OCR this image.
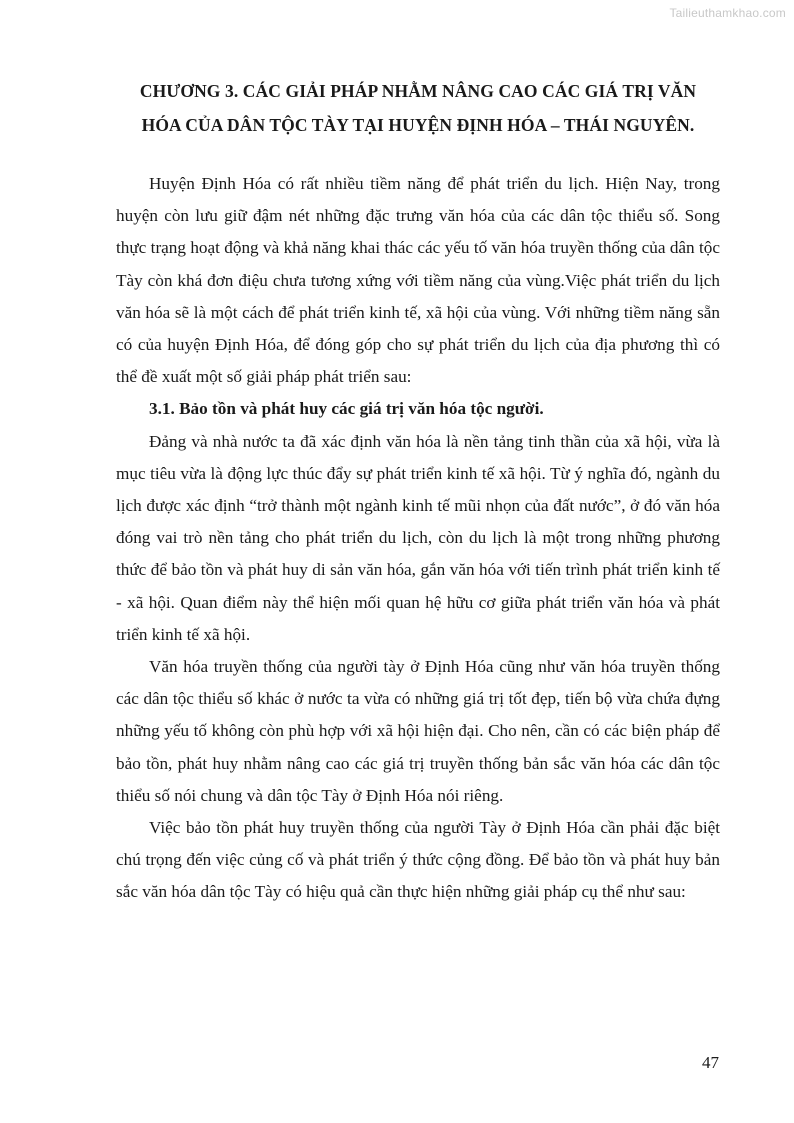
Tailieuthamkhao.com
CHƯƠNG 3. CÁC GIẢI PHÁP NHẰM NÂNG CAO CÁC GIÁ TRỊ VĂN
HÓA CỦA DÂN TỘC TÀY TẠI HUYỆN ĐỊNH HÓA – THÁI NGUYÊN.

Huyện Định Hóa có rất nhiều tiềm năng để phát triển du lịch. Hiện Nay, trong huyện còn lưu giữ đậm nét những đặc trưng văn hóa của các dân tộc thiểu số. Song thực trạng hoạt động và khả năng khai thác các yếu tố văn hóa truyền thống của dân tộc Tày còn khá đơn điệu chưa tương xứng với tiềm năng của vùng.Việc phát triển du lịch văn hóa sẽ là một cách để phát triển kinh tế, xã hội của vùng. Với những tiềm năng sẵn có của huyện Định Hóa, để đóng góp cho sự phát triển du lịch của địa phương thì có thể đề xuất một số giải pháp phát triển sau:

3.1. Bảo tồn và phát huy các giá trị văn hóa tộc người.

Đảng và nhà nước ta đã xác định văn hóa là nền tảng tinh thần của xã hội, vừa là mục tiêu vừa là động lực thúc đẩy sự phát triển kinh tế xã hội. Từ ý nghĩa đó, ngành du lịch được xác định “trở thành một ngành kinh tế mũi nhọn của đất nước”, ở đó văn hóa đóng vai trò nền tảng cho phát triển du lịch, còn du lịch là một trong những phương thức để bảo tồn và phát huy di sản văn hóa, gắn văn hóa với tiến trình phát triển kinh tế - xã hội. Quan điểm này thể hiện mối quan hệ hữu cơ giữa phát triển văn hóa và phát triển kinh tế xã hội.

Văn hóa truyền thống của người tày ở Định Hóa cũng như văn hóa truyền thống các dân tộc thiểu số khác ở nước ta vừa có những giá trị tốt đẹp, tiến bộ vừa chứa đựng những yếu tố không còn phù hợp với xã hội hiện đại. Cho nên, cần có các biện pháp để bảo tồn, phát huy nhằm nâng cao các giá trị truyền thống bản sắc văn hóa các dân tộc thiểu số nói chung và dân tộc Tày ở Định Hóa nói riêng.

Việc bảo tồn phát huy truyền thống của người Tày ở Định Hóa cần phải đặc biệt chú trọng đến việc củng cố và phát triển ý thức cộng đồng. Để bảo tồn và phát huy bản sắc văn hóa dân tộc Tày có hiệu quả cần thực hiện những giải pháp cụ thể như sau:

47
